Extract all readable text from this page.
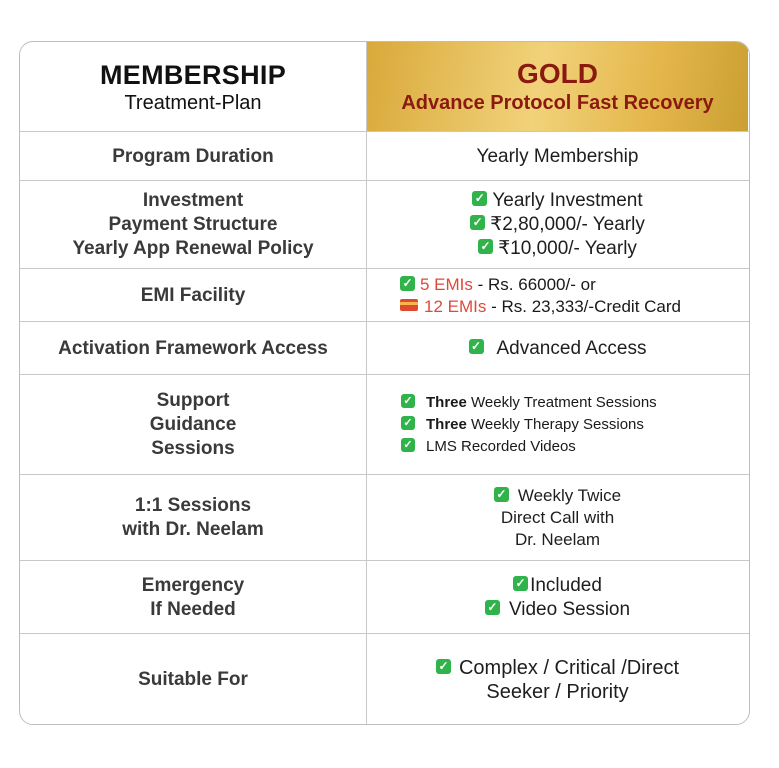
MEMBERSHIP
Treatment-Plan
GOLD
Advance Protocol Fast Recovery
Program Duration	Yearly Membership
Investment
Payment Structure
Yearly App Renewal Policy
✓ Yearly Investment
✓ ₹2,80,000/- Yearly
✓ ₹10,000/- Yearly
EMI Facility
✓ 5 EMIs - Rs. 66000/- or
12 EMIs - Rs. 23,333/-Credit Card
Activation Framework Access	✓ Advanced Access
Support
Guidance
Sessions
✓ Three Weekly Treatment Sessions
✓ Three Weekly Therapy Sessions
✓ LMS Recorded Videos
1:1 Sessions
with Dr. Neelam
✓ Weekly Twice
Direct Call with
Dr. Neelam
Emergency
If Needed
✓ Included
✓ Video Session
Suitable For
✓ Complex / Critical /Direct
Seeker / Priority
